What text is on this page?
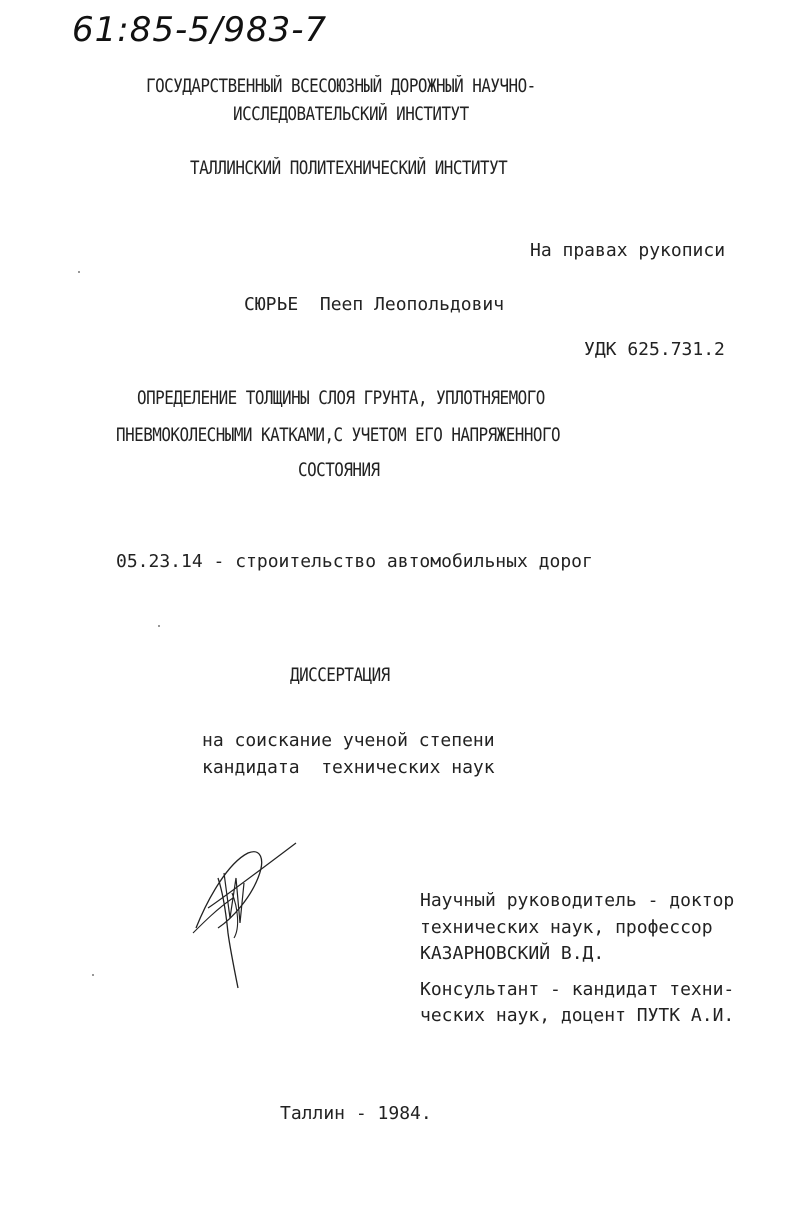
61:85-5/983-7
ГОСУДАРСТВЕННЫЙ ВСЕСОЮЗНЫЙ ДОРОЖНЫЙ НАУЧНО-
ИССЛЕДОВАТЕЛЬСКИЙ ИНСТИТУТ
ТАЛЛИНСКИЙ ПОЛИТЕХНИЧЕСКИЙ ИНСТИТУТ
На правах рукописи
СЮРЬЕ  Пееп Леопольдович
УДК 625.731.2
ОПРЕДЕЛЕНИЕ ТОЛЩИНЫ СЛОЯ ГРУНТА, УПЛОТНЯЕМОГО
ПНЕВМОКОЛЕСНЫМИ КАТКАМИ,С УЧЕТОМ ЕГО НАПРЯЖЕННОГО
СОСТОЯНИЯ
05.23.14 - строительство автомобильных дорог
ДИССЕРТАЦИЯ
на соискание ученой степени
кандидата  технических наук
Научный руководитель - доктор
технических наук, профессор
КАЗАРНОВСКИЙ В.Д.
Консультант - кандидат техни-
ческих наук, доцент ПУТК А.И.
Таллин - 1984.
